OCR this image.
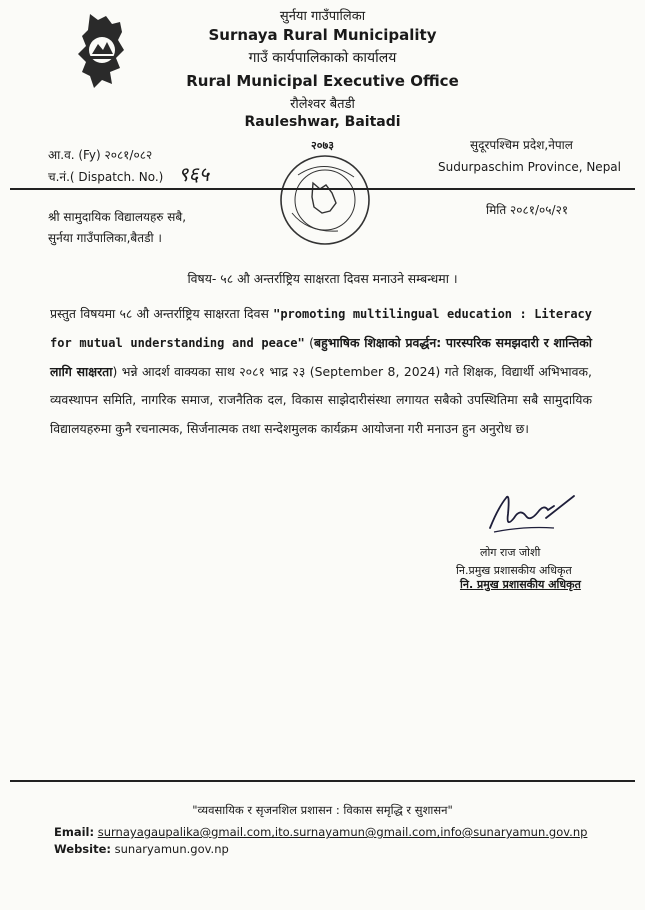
सुर्नया गाउँपालिका
Surnaya Rural Municipality
गाउँ कार्यपालिकाको कार्यालय
Rural Municipal Executive Office
रौलेश्वर बैतडी
Rauleshwar, Baitadi
२०७३
आ.व. (Fy) २०८१/०८२
च.नं.( Dispatch. No.) ९६५
सुदूरपश्चिम प्रदेश,नेपाल
Sudurpaschim Province, Nepal
श्री सामुदायिक विद्यालयहरु सबै,
सुर्नया गाउँपालिका,बैतडी ।
मिति २०८१/०५/२१
विषय- ५८ औ अन्तर्राष्ट्रिय साक्षरता दिवस मनाउने सम्बन्धमा ।
प्रस्तुत विषयमा ५८ औ अन्तर्राष्ट्रिय साक्षरता दिवस "promoting multilingual education : Literacy for mutual understanding and peace" (बहुभाषिक शिक्षाको प्रवर्द्धन: पारस्परिक समझदारी र शान्तिको लागि साक्षरता) भन्ने आदर्श वाक्यका साथ २०८१ भाद्र २३ (September 8, 2024) गते शिक्षक, विद्यार्थी अभिभावक, व्यवस्थापन समिति, नागरिक समाज, राजनैतिक दल, विकास साझेदारीसंस्था लगायत सबैको उपस्थितिमा सबै सामुदायिक विद्यालयहरुमा कुनै रचनात्मक, सिर्जनात्मक तथा सन्देशमुलक कार्यक्रम आयोजना गरी मनाउन हुन अनुरोध छ।
लोग राज जोशी
नि.प्रमुख प्रशासकीय अधिकृत
नि. प्रमुख प्रशासकीय अधिकृत
"व्यवसायिक र सृजनशिल प्रशासन : विकास समृद्धि र सुशासन"
Email: surnayagaupalika@gmail.com,ito.surnayamun@gmail.com,info@sunaryamun.gov.np
Website: sunaryamun.gov.np
